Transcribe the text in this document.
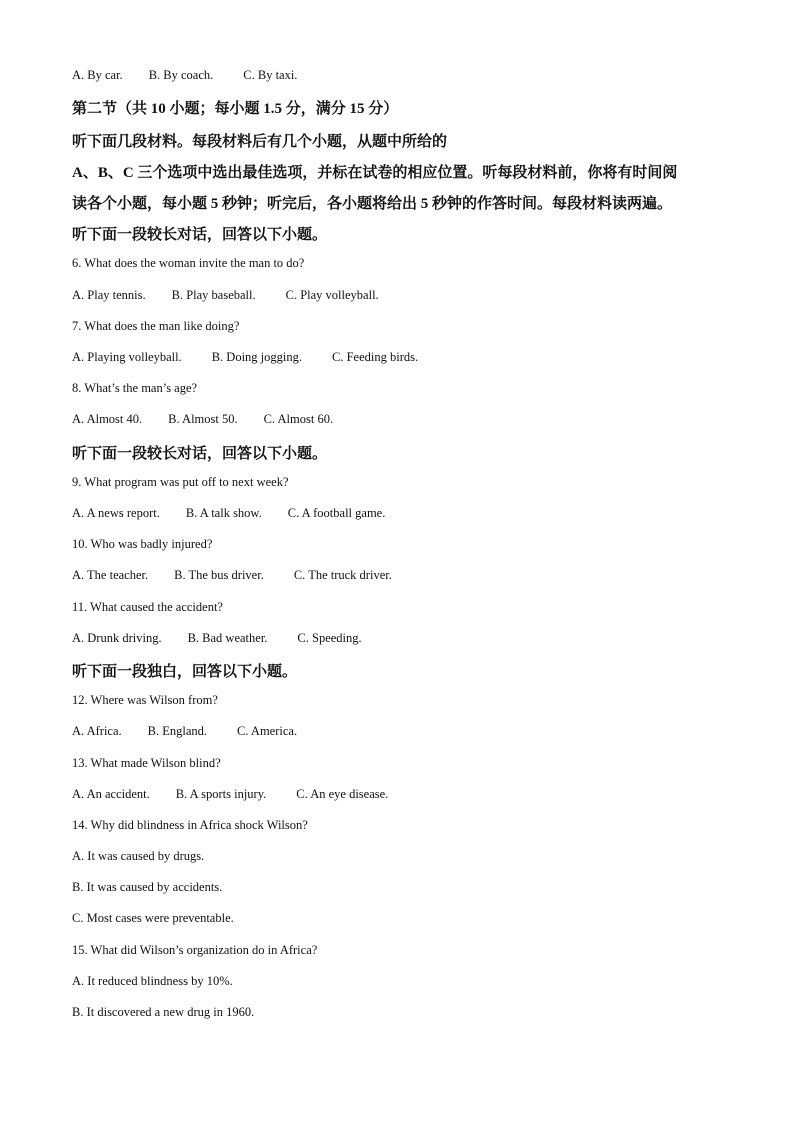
A. By car. B. By coach. C. By taxi.
第二节（共 10 小题；每小题 1.5 分，满分 15 分）
听下面几段材料。每段材料后有几个小题，从题中所给的
A、B、C 三个选项中选出最佳选项，并标在试卷的相应位置。听每段材料前，你将有时间阅
读各个小题，每小题 5 秒钟；听完后，各小题将给出 5 秒钟的作答时间。每段材料读两遍。
听下面一段较长对话，回答以下小题。
6. What does the woman invite the man to do?
A. Play tennis. B. Play baseball. C. Play volleyball.
7. What does the man like doing?
A. Playing volleyball. B. Doing jogging. C. Feeding birds.
8. What’s the man’s age?
A. Almost 40. B. Almost 50. C. Almost 60.
听下面一段较长对话，回答以下小题。
9. What program was put off to next week?
A. A news report. B. A talk show. C. A football game.
10. Who was badly injured?
A. The teacher. B. The bus driver. C. The truck driver.
11. What caused the accident?
A. Drunk driving. B. Bad weather. C. Speeding.
听下面一段独白，回答以下小题。
12. Where was Wilson from?
A. Africa. B. England. C. America.
13. What made Wilson blind?
A. An accident. B. A sports injury. C. An eye disease.
14. Why did blindness in Africa shock Wilson?
A. It was caused by drugs.
B. It was caused by accidents.
C. Most cases were preventable.
15. What did Wilson’s organization do in Africa?
A. It reduced blindness by 10%.
B. It discovered a new drug in 1960.
